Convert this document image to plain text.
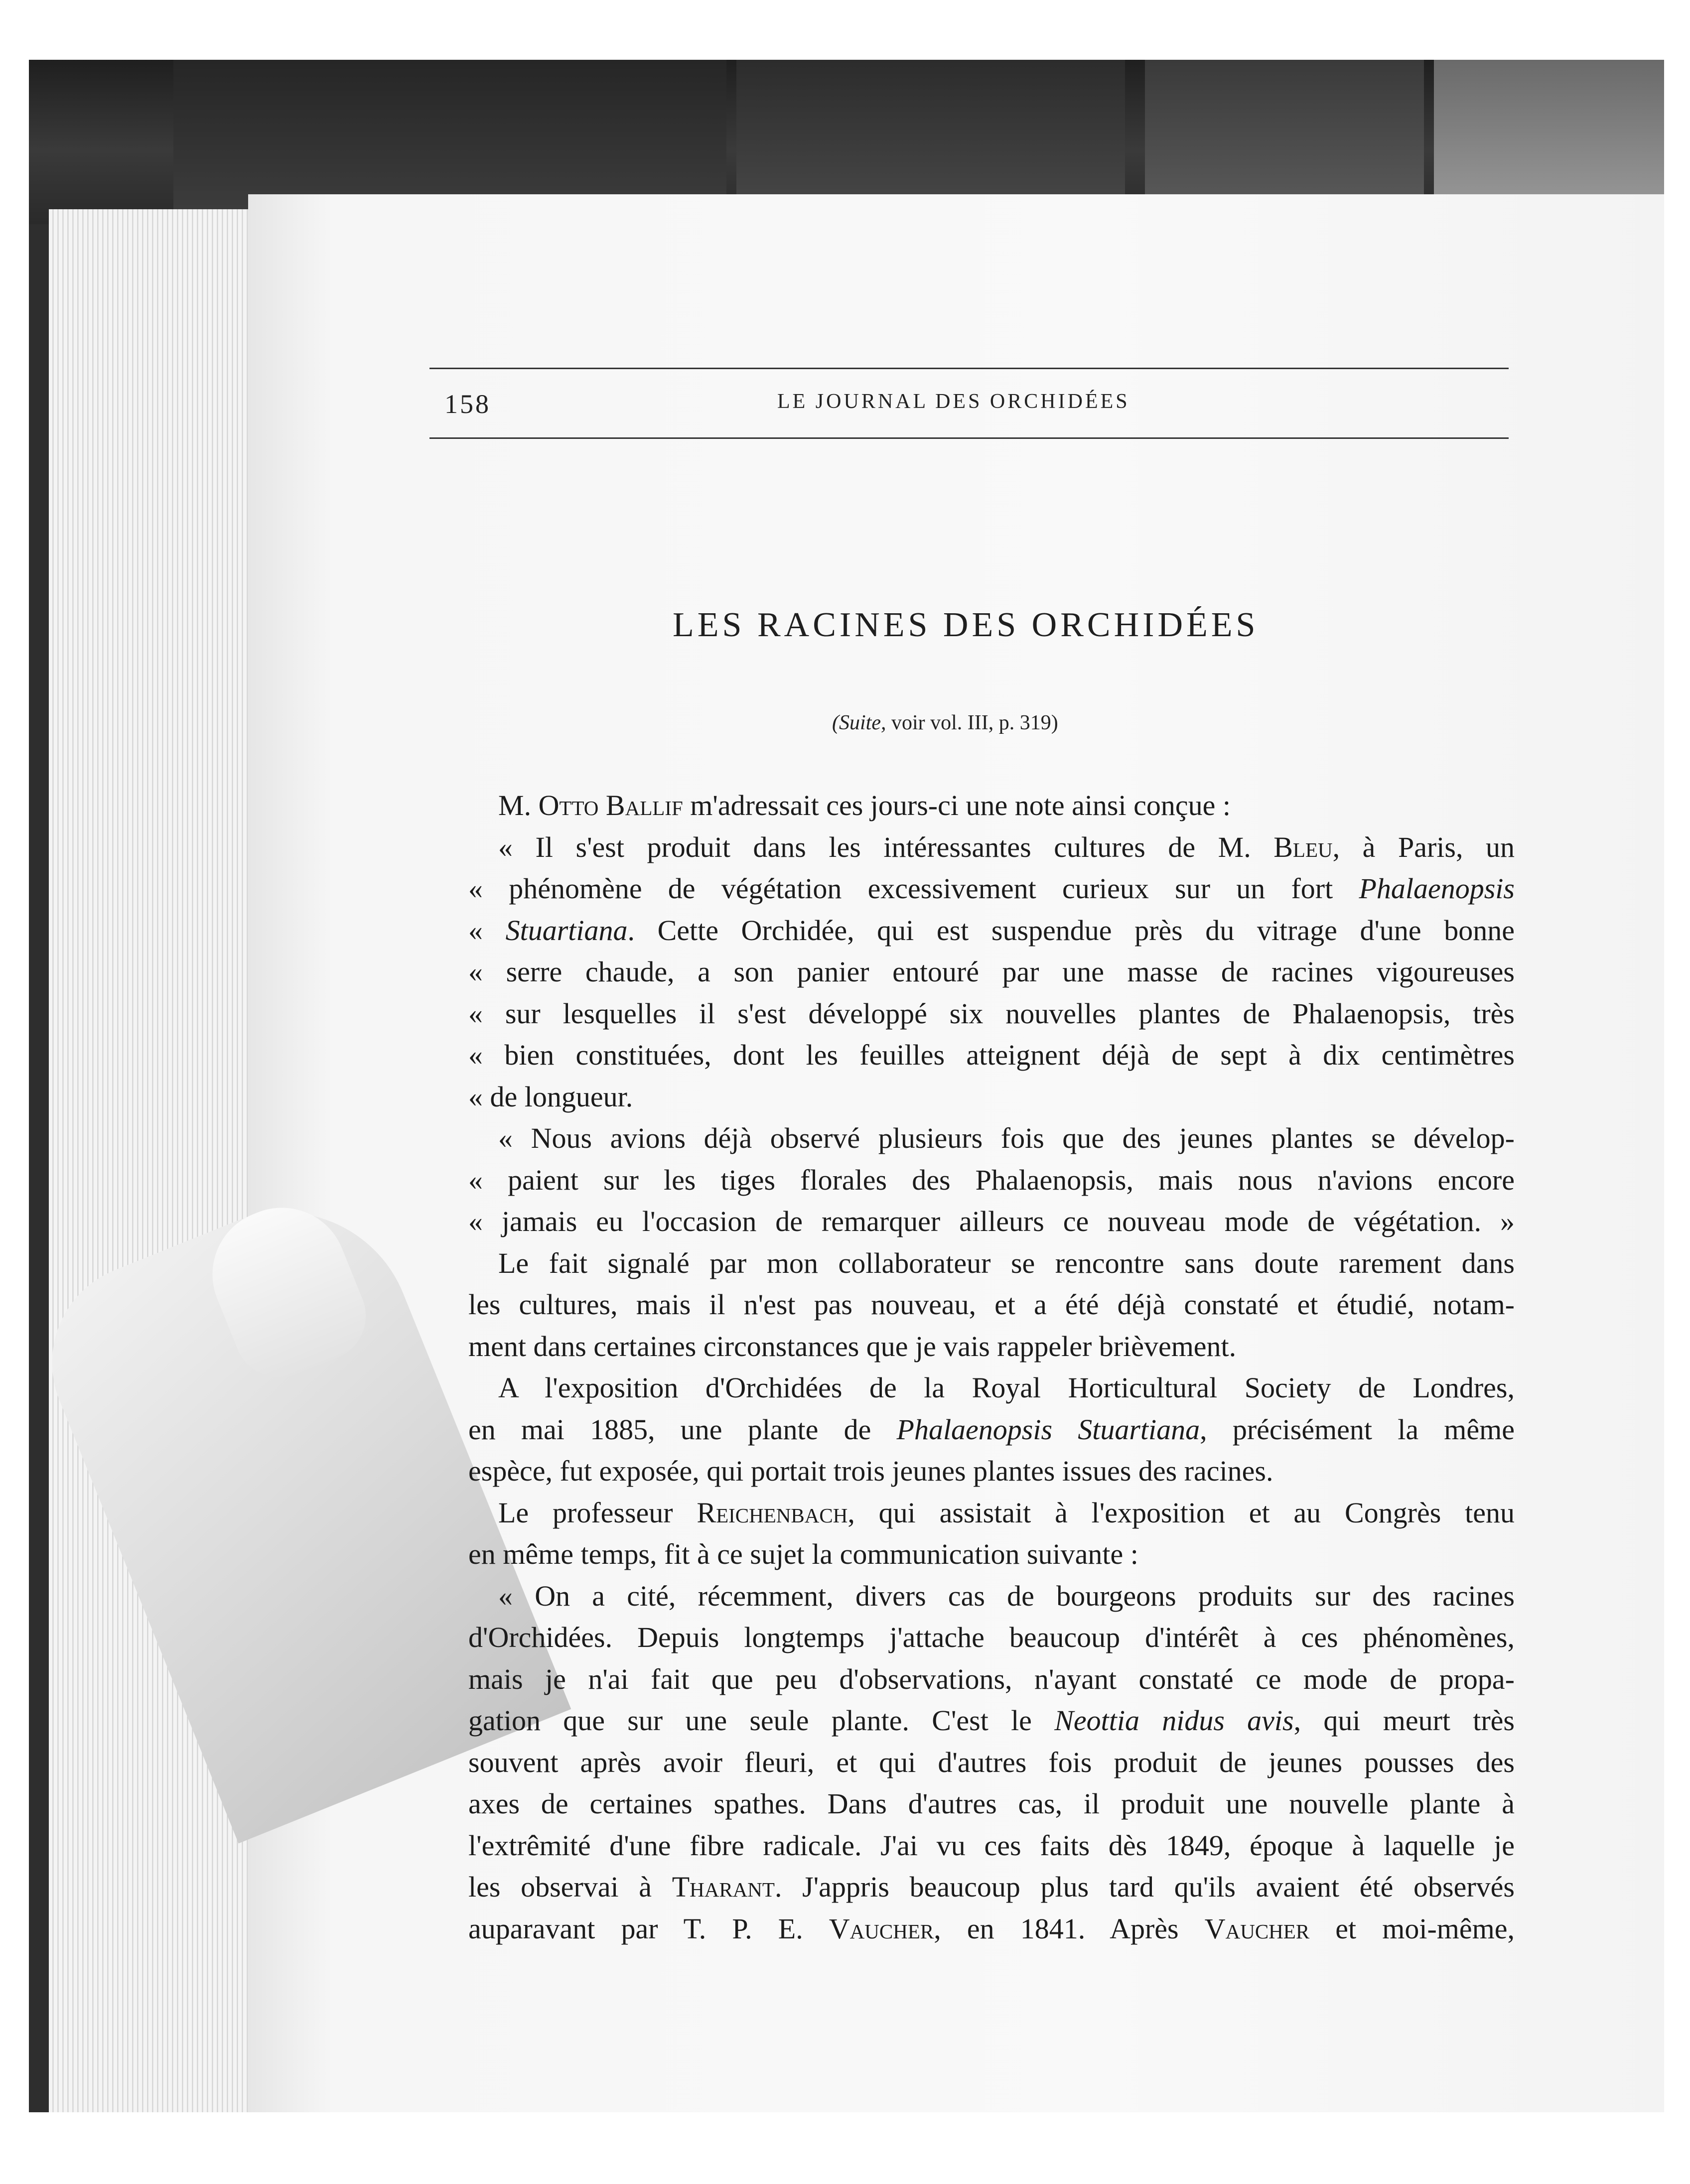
158	LE JOURNAL DES ORCHIDÉES
LES RACINES DES ORCHIDÉES
(Suite, voir vol. III, p. 319)
M. Otto Ballif m'adressait ces jours-ci une note ainsi conçue :
« Il s'est produit dans les intéressantes cultures de M. Bleu, à Paris, un
« phénomène de végétation excessivement curieux sur un fort Phalaenopsis
« Stuartiana. Cette Orchidée, qui est suspendue près du vitrage d'une bonne
« serre chaude, a son panier entouré par une masse de racines vigoureuses
« sur lesquelles il s'est développé six nouvelles plantes de Phalaenopsis, très
« bien constituées, dont les feuilles atteignent déjà de sept à dix centimètres
« de longueur.
« Nous avions déjà observé plusieurs fois que des jeunes plantes se dévelop-
« paient sur les tiges florales des Phalaenopsis, mais nous n'avions encore
« jamais eu l'occasion de remarquer ailleurs ce nouveau mode de végétation. »
Le fait signalé par mon collaborateur se rencontre sans doute rarement dans
les cultures, mais il n'est pas nouveau, et a été déjà constaté et étudié, notam-
ment dans certaines circonstances que je vais rappeler brièvement.
A l'exposition d'Orchidées de la Royal Horticultural Society de Londres,
en mai 1885, une plante de Phalaenopsis Stuartiana, précisément la même
espèce, fut exposée, qui portait trois jeunes plantes issues des racines.
Le professeur Reichenbach, qui assistait à l'exposition et au Congrès tenu
en même temps, fit à ce sujet la communication suivante :
« On a cité, récemment, divers cas de bourgeons produits sur des racines
d'Orchidées. Depuis longtemps j'attache beaucoup d'intérêt à ces phénomènes,
mais je n'ai fait que peu d'observations, n'ayant constaté ce mode de propa-
gation que sur une seule plante. C'est le Neottia nidus avis, qui meurt très
souvent après avoir fleuri, et qui d'autres fois produit de jeunes pousses des
axes de certaines spathes. Dans d'autres cas, il produit une nouvelle plante à
l'extrêmité d'une fibre radicale. J'ai vu ces faits dès 1849, époque à laquelle je
les observai à Tharant. J'appris beaucoup plus tard qu'ils avaient été observés
auparavant par T. P. E. Vaucher, en 1841. Après Vaucher et moi-même,
